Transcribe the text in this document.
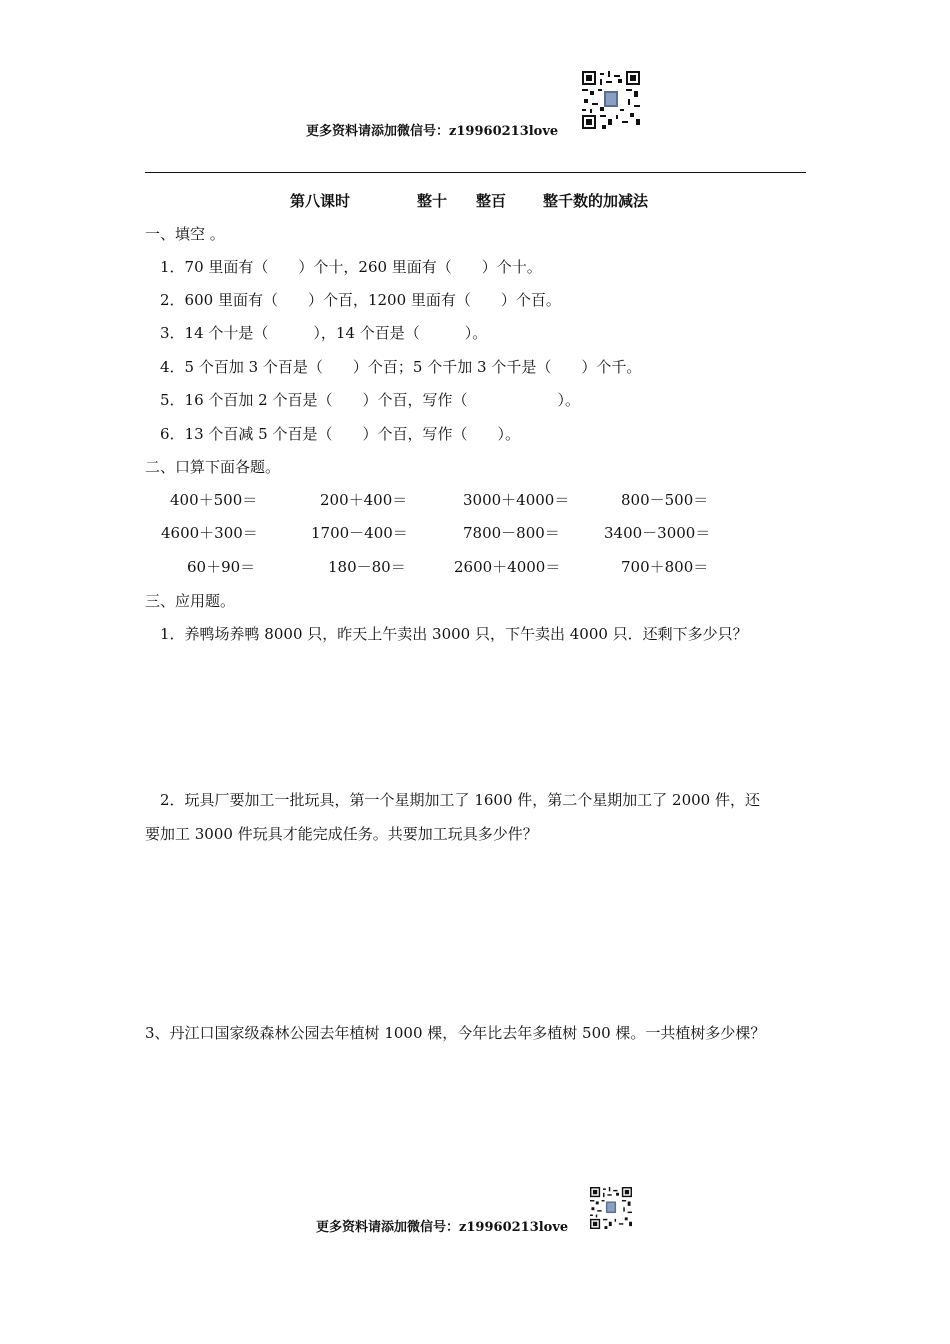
更多资料请添加微信号：z19960213love
第八课时	整十 整百 整千数的加减法
一、填空 。
1．70 里面有（　　）个十，260 里面有（　　）个十。
2．600 里面有（　　）个百，1200 里面有（　　）个百。
3．14 个十是（　　　），14 个百是（　　　）。
4．5 个百加 3 个百是（　　）个百；5 个千加 3 个千是（　　）个千。
5．16 个百加 2 个百是（　　）个百，写作（　　　　　　）。
6．13 个百减 5 个百是（　　）个百，写作（　　）。
二、口算下面各题。
400＋500＝	200＋400＝	3000＋4000＝	800－500＝
4600＋300＝	1700－400＝	7800－800＝	3400－3000＝
60＋90＝	180－80＝	2600＋4000＝	700＋800＝
三、应用题。
1．养鸭场养鸭 8000 只，昨天上午卖出 3000 只，下午卖出 4000 只．还剩下多少只？
2．玩具厂要加工一批玩具，第一个星期加工了 1600 件，第二个星期加工了 2000 件，还
要加工 3000 件玩具才能完成任务。共要加工玩具多少件？
3、丹江口国家级森林公园去年植树 1000 棵，今年比去年多植树 500 棵。一共植树多少棵？
更多资料请添加微信号：z19960213love
